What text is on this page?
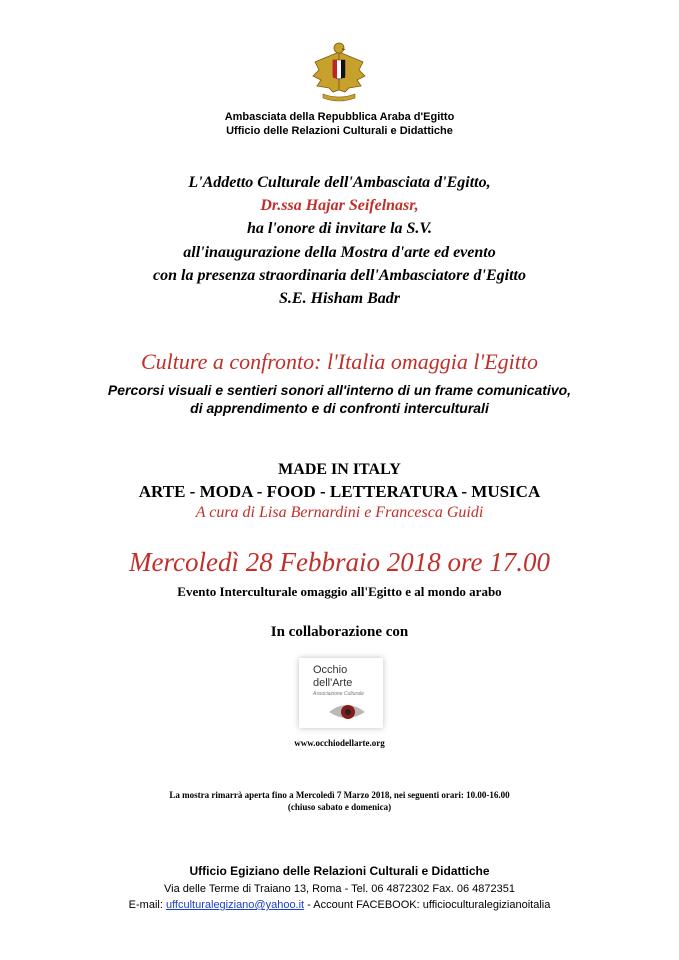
Ambasciata della Repubblica Araba d'Egitto
Ufficio delle Relazioni Culturali e Didattiche
L'Addetto Culturale dell'Ambasciata d'Egitto,
Dr.ssa Hajar Seifelnasr,
ha l'onore di invitare la S.V.
all'inaugurazione della Mostra d'arte ed evento
con la presenza straordinaria dell'Ambasciatore d'Egitto
S.E. Hisham Badr
Culture a confronto: l'Italia omaggia l'Egitto
Percorsi visuali e sentieri sonori all'interno di un frame comunicativo,
di apprendimento e di confronti interculturali
MADE IN ITALY
ARTE - MODA - FOOD - LETTERATURA - MUSICA
A cura di Lisa Bernardini e Francesca Guidi
Mercoledì 28 Febbraio 2018 ore 17.00
Evento Interculturale omaggio all'Egitto e al mondo arabo
In collaborazione con
Occhio
dell'Arte
Associazione Culturale
www.occhiodellarte.org
La mostra rimarrà aperta fino a Mercoledì 7 Marzo 2018, nei seguenti orari: 10.00-16.00
(chiuso sabato e domenica)
Ufficio Egiziano delle Relazioni Culturali e Didattiche
Via delle Terme di Traiano 13, Roma - Tel. 06 4872302 Fax. 06 4872351
E-mail: uffculturalegiziano@yahoo.it - Account FACEBOOK: ufficioculturalegizianoitalia
